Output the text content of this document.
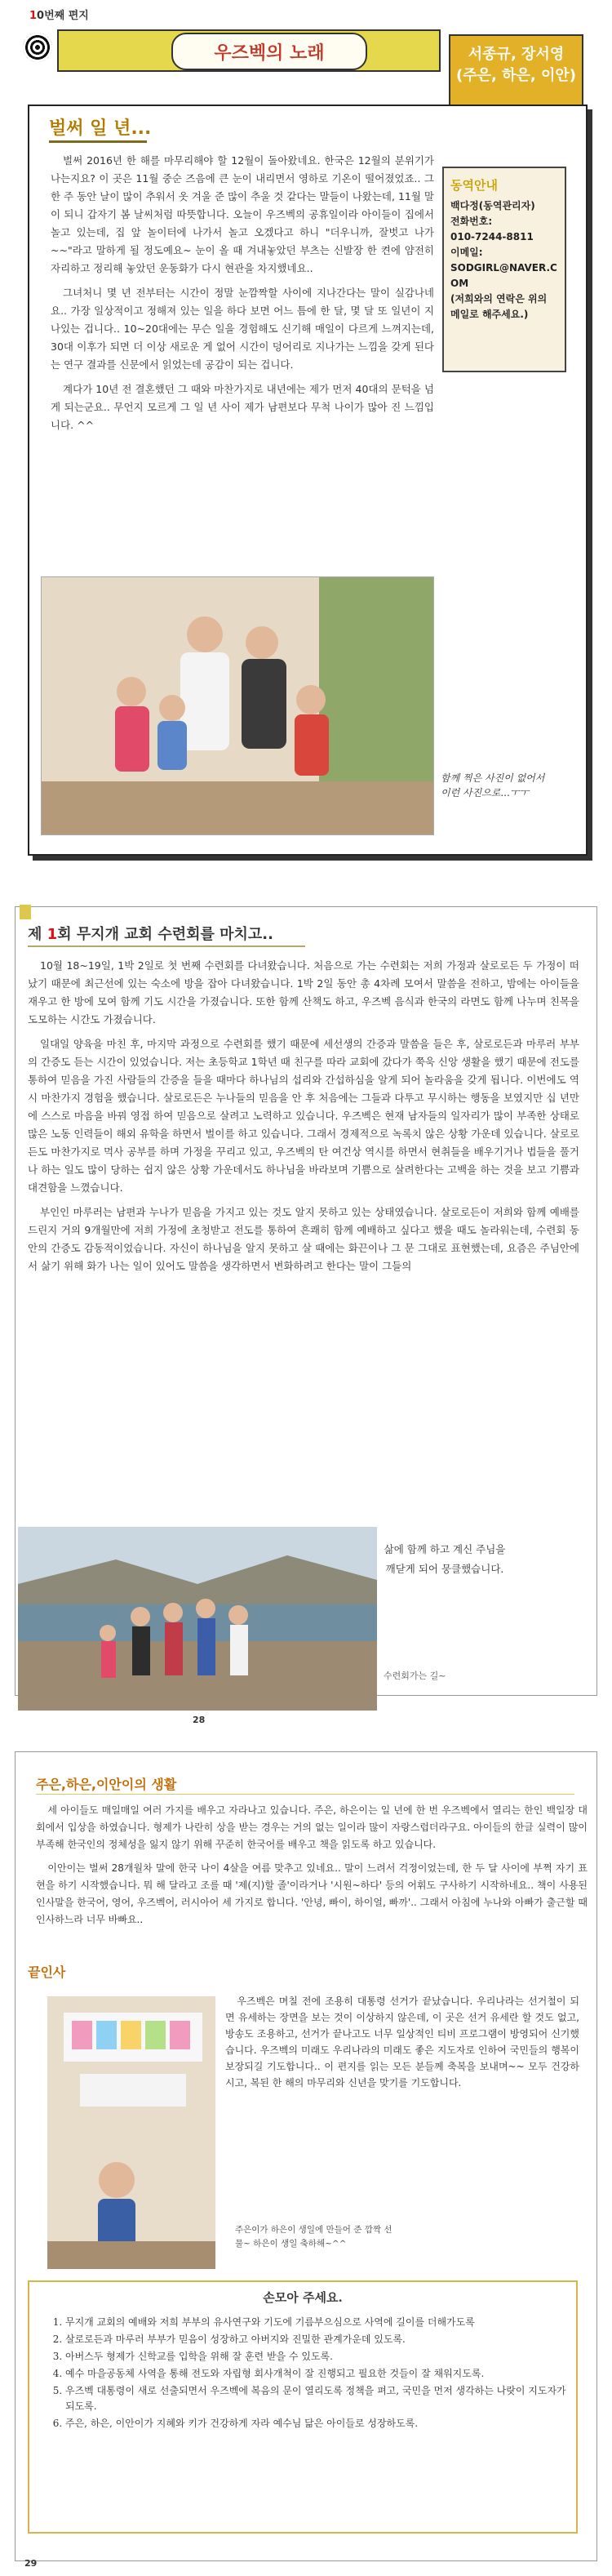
10번째 편지
우즈벡의 노래	서종규, 장서영
(주은, 하은, 이안)
벌써 일 년...

벌써 2016년 한 해를 마무리해야 할 12월이 돌아왔네요. 한국은 12월의 분위기가 나는지요? 이 곳은 11월 중순 즈음에 큰 눈이 내리면서 영하로 기온이 떨어졌었죠.. 그 한 주 동안 날이 많이 추워서 옷 겨울 준 많이 추울 것 같다는 말들이 나왔는데, 11월 말이 되니 갑자기 봄 날씨처럼 따뜻합니다. 오늘이 우즈벡의 공휴일이라 아이들이 집에서 놀고 있는데, 집 앞 놀이터에 나가서 놀고 오겠다고 하니 "더우니까, 잘벗고 나가~~"라고 말하게 될 정도예요~ 눈이 올 때 겨내놓았던 부츠는 신발장 한 켠에 얌전히 자리하고 정리해 놓았던 운동화가 다시 현관을 차지했네요..

그녀처니 몇 년 전부터는 시간이 정말 눈깜짝할 사이에 지나간다는 말이 실감나네요.. 가장 일상적이고 정해져 있는 일을 하다 보면 어느 틈에 한 달, 몇 달 또 일년이 지나있는 겁니다.. 10~20대에는 무슨 일을 경험해도 신기해 매일이 다르게 느껴지는데, 30대 이후가 되면 더 이상 새로운 게 없어 시간이 덩어리로 지나가는 느낌을 갖게 된다는 연구 결과를 신문에서 읽었는데 공감이 되는 겁니다.

계다가 10년 전 결혼했던 그 때와 마찬가지로 내년에는 제가 먼저 40대의 문턱을 넘게 되는군요.. 무언지 모르게 그 일 년 사이 제가 남편보다 무척 나이가 많아 진 느낌입니다. ^^

동역안내
백다정(동역관리자)
전화번호:
010-7244-8811
이메일:
SODGIRL@NAVER.COM
(저희와의 연락은 위의 메일로 해주세요.)
함께 찍은 사진이 없어서 이런 사진으로...ㅜㅜ
제 1회 무지개 교회 수련회를 마치고..

10월 18~19일, 1박 2일로 첫 번째 수련회를 다녀왔습니다. 처음으로 가는 수련회는 저희 가정과 살로로든 두 가정이 떠났기 때문에 최근선에 있는 숙소에 방을 잡아 다녀왔습니다. 1박 2일 동안 총 4차례 모여서 말씀을 전하고, 밤에는 아이들을 재우고 한 방에 모여 함께 기도 시간을 가졌습니다. 또한 함께 산책도 하고, 우즈벡 음식과 한국의 라면도 함께 나누며 친목을 도모하는 시간도 가졌습니다.

일대일 양육을 마친 후, 마지막 과정으로 수련회를 했기 때문에 세선생의 간증과 말씀을 들은 후, 살로로든과 마루러 부부의 간증도 듣는 시간이 있었습니다. 저는 초등학교 1학년 때 친구를 따라 교회에 갔다가 쭉욱 신앙 생활을 했기 때문에 전도를 통하여 믿음을 가진 사람들의 간증을 들을 때마다 하나님의 섭리와 간섭하심을 알게 되어 놀라움을 갖게 됩니다. 이번에도 역시 마찬가지 경험을 했습니다. 살로로든은 누나들의 믿음을 안 후 처음에는 그들과 다투고 무시하는 행동을 보였지만 십 년만에 스스로 마음을 바꿔 영접 하여 믿음으로 살려고 노력하고 있습니다. 우즈벡은 현재 남자들의 일자리가 많이 부족한 상태로 많은 노동 인력들이 해외 유학을 하면서 벌이를 하고 있습니다. 그래서 경제적으로 녹록치 않은 상황 가운데 있습니다. 살로로든도 마찬가지로 먹사 공부를 하며 가정을 꾸리고 있고, 우즈벡의 탄 여건상 역시를 하면서 현취들을 배우기거나 법들을 풀거나 하는 일도 많이 당하는 쉽지 않은 상황 가운데서도 하나님을 바라보며 기쁨으로 살려한다는 고백을 하는 것을 보고 기쁨과 대견함을 느꼈습니다.

부인인 마루러는 남편과 누나가 믿음을 가지고 있는 것도 알지 못하고 있는 상태였습니다. 살로로든이 저희와 함께 예배를 드린지 거의 9개월만에 저희 가정에 초청받고 전도를 통하여 흔쾌히 함께 예배하고 싶다고 했을 때도 놀라워는데, 수련회 동안의 간증도 감동적이었습니다. 자신이 하나님을 알지 못하고 살 때에는 화끈이나 그 문 그대로 표현했는데, 요즘은 주님안에서 삶기 위해 화가 나는 일이 있어도 말씀을 생각하면서 변화하려고 한다는 말이 그들의

삶에 함께 하고 계신 주님을 깨닫게 되어 뭉클했습니다.
수련회가는 길~
28
주은,하은,이안이의 생활

세 아이들도 매일매일 여러 가지를 배우고 자라나고 있습니다. 주은, 하은이는 일 년에 한 번 우즈벡에서 열리는 한인 백일장 대회에서 입상을 하였습니다. 형제가 나란히 상을 받는 경우는 거의 없는 일이라 많이 자랑스럽더라구요. 아이들의 한글 실력이 많이 부족해 한국인의 정체성을 잃지 않기 위해 꾸준히 한국어를 배우고 책을 읽도록 하고 있습니다.

이안이는 벌써 28개월차 말에 한국 나이 4살을 여름 맞추고 있네요.. 말이 느려서 걱정이었는데, 한 두 달 사이에 부쩍 자기 표현을 하기 시작했습니다. 뭐 해 달라고 조를 때 '제(지)할 졸'이라거나 '시원~하다' 등의 어휘도 구사하기 시작하네요.. 책이 사용된 인사말을 한국어, 영어, 우즈벡어, 러시아어 세 가지로 합니다. '안녕, 빠이, 하이얼, 빠까'.. 그래서 아침에 누나와 아빠가 출근할 때 인사하느라 너무 바빠요..

끝인사

우즈벡은 며칠 전에 조용히 대통령 선거가 끝났습니다. 우리나라는 선거철이 되면 유세하는 장면을 보는 것이 이상하지 않은데, 이 곳은 선거 유세란 할 것도 없고, 방송도 조용하고, 선거가 끝나고도 너무 일상적인 티비 프로그램이 방영되어 신기했습니다. 우즈벡의 미래도 우리나라의 미래도 좋은 지도자로 인하여 국민들의 행복이 보장되길 기도합니다.. 이 편지를 읽는 모든 분들께 축복을 보내며~~ 모두 건강하시고, 복된 한 해의 마무리와 신년을 맞기를 기도합니다.

주은이가 하은이 생일에 만들어 준 깜짝 선물~ 하은이 생일 축하해~^^
손모아 주세요.
1. 무지개 교회의 예배와 저희 부부의 유사연구와 기도에 기름부으심으로 사역에 길이를 더해가도록
2. 살로로든과 마루러 부부가 믿음이 성장하고 아버지와 진밀한 관계가운데 있도록.
3. 아버스두 형제가 신학교를 입학을 위해 잘 훈련 받을 수 있도록.
4. 예수 마을공동체 사역을 통해 전도와 자립형 회사개척이 잘 진행되고 필요한 것들이 잘 채워지도록.
5. 우즈벡 대통령이 새로 선출되면서 우즈벡에 복음의 문이 열리도록 정책을 펴고, 국민을 먼저 생각하는 나랏이 지도자가 되도록.
6. 주은, 하은, 이안이가 지혜와 키가 건강하게 자라 예수님 닮은 아이들로 성장하도록.
29
